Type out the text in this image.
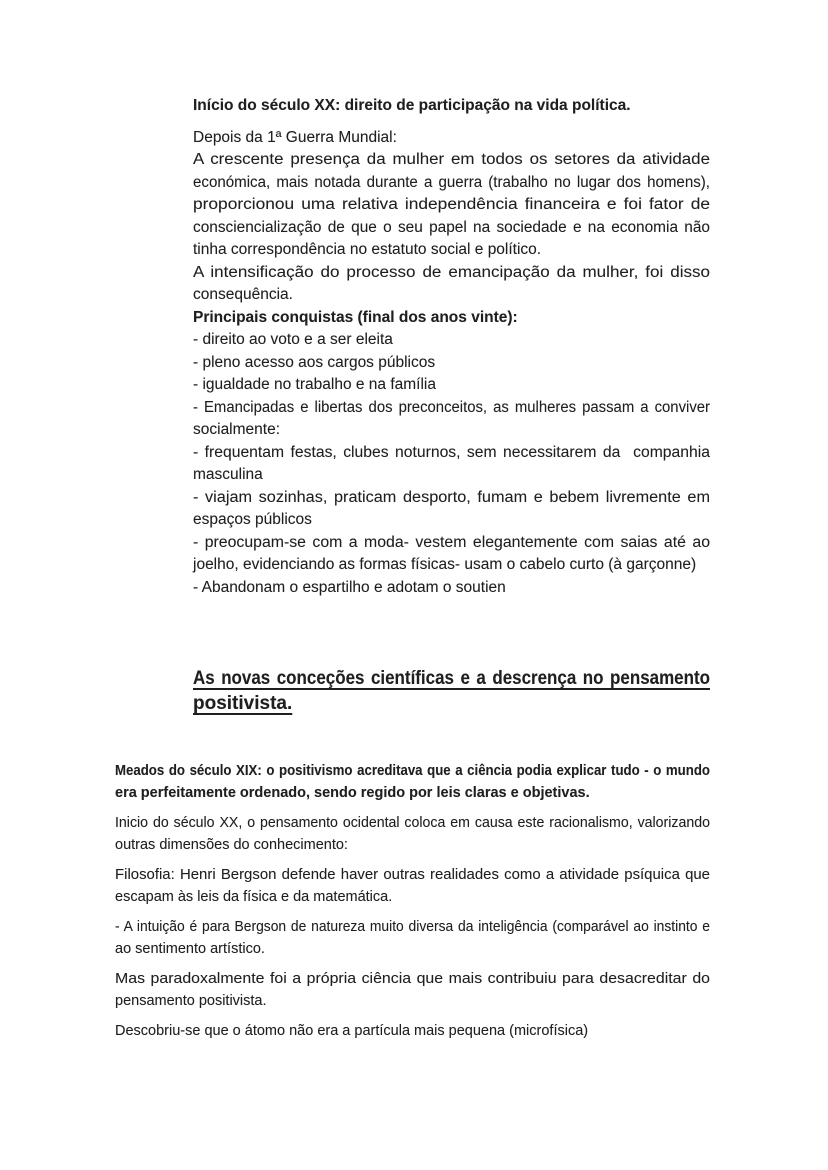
Início do século XX: direito de participação na vida política.
Depois da 1ª Guerra Mundial:
A crescente presença da mulher em todos os setores da atividade
económica, mais notada durante a guerra (trabalho no lugar dos homens),
proporcionou uma relativa independência financeira e foi fator de
consciencialização de que o seu papel na sociedade e na economia não
tinha correspondência no estatuto social e político.
A intensificação do processo de emancipação da mulher, foi disso
consequência.
Principais conquistas (final dos anos vinte):
- direito ao voto e a ser eleita
- pleno acesso aos cargos públicos
- igualdade no trabalho e na família
- Emancipadas e libertas dos preconceitos, as mulheres passam a conviver
socialmente:
- frequentam festas, clubes noturnos, sem necessitarem da  companhia
masculina
- viajam sozinhas, praticam desporto, fumam e bebem livremente em
espaços públicos
- preocupam-se com a moda- vestem elegantemente com saias até ao
joelho, evidenciando as formas físicas- usam o cabelo curto (à garçonne)
- Abandonam o espartilho e adotam o soutien
As novas conceções científicas e a descrença no pensamento
positivista.
Meados do século XIX: o positivismo acreditava que a ciência podia explicar tudo - o mundo
era perfeitamente ordenado, sendo regido por leis claras e objetivas.
Inicio do século XX, o pensamento ocidental coloca em causa este racionalismo, valorizando
outras dimensões do conhecimento:
Filosofia: Henri Bergson defende haver outras realidades como a atividade psíquica que
escapam às leis da física e da matemática.
- A intuição é para Bergson de natureza muito diversa da inteligência (comparável ao instinto e
ao sentimento artístico.
Mas paradoxalmente foi a própria ciência que mais contribuiu para desacreditar do
pensamento positivista.
Descobriu-se que o átomo não era a partícula mais pequena (microfísica)
